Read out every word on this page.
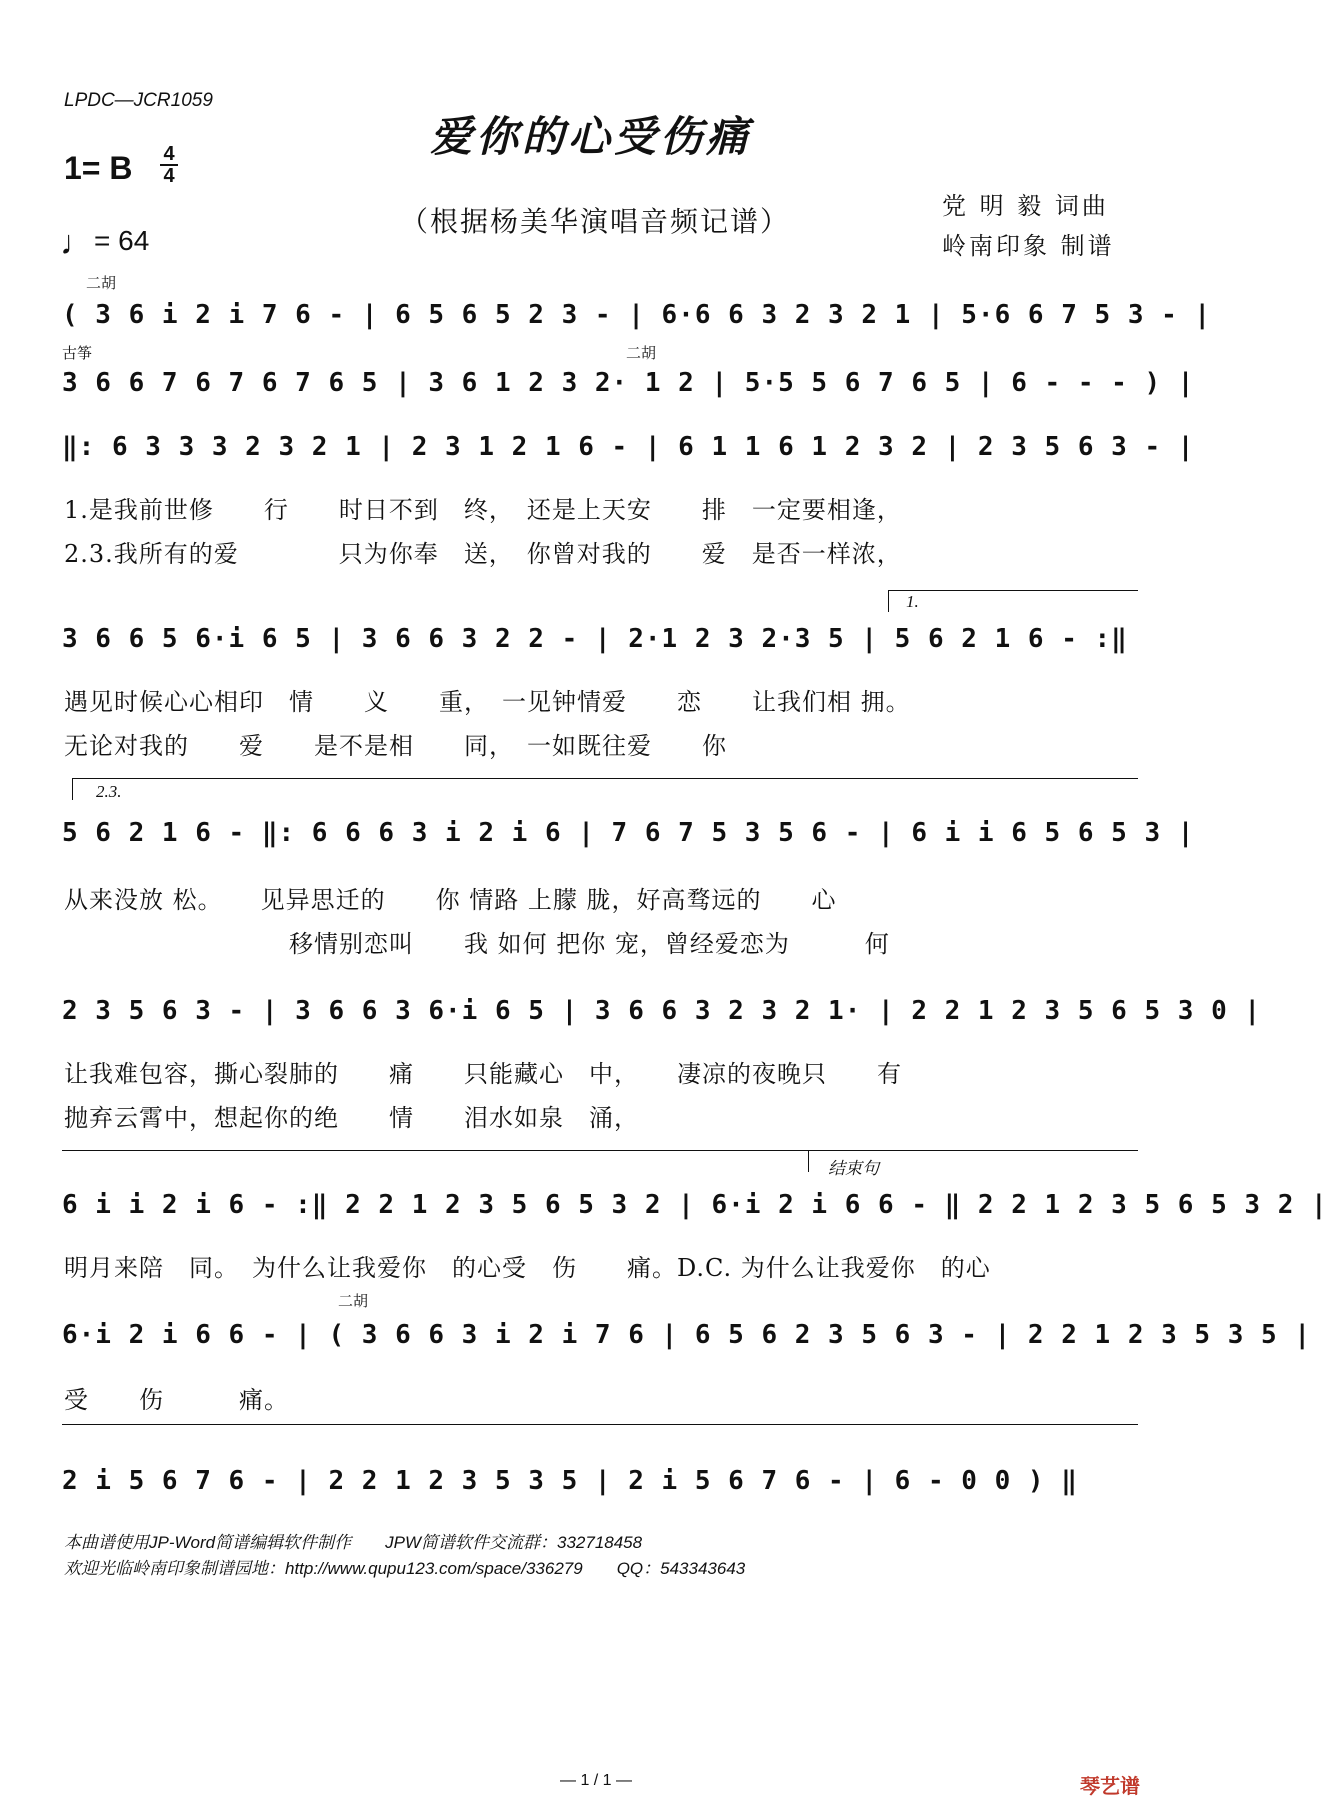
LPDC—JCR1059
爱你的心受伤痛
（根据杨美华演唱音频记谱）	党 明 毅 词曲
岭南印象 制谱
1= B 4
4
♩= 64
二胡
古筝	二胡
二胡
( 3 6 i 2 i 7 6 - | 6 5 6 5 2 3 - | 6·6 6 3 2 3 2 1 | 5·6 6 7 5 3 - |
3 6 6 7 6 7 6 7 6 5 | 3 6 1 2 3 2· 1 2 | 5·5 5 6 7 6 5 | 6 - - - ) |
‖: 6 3 3 3 2 3 2 1 | 2 3 1 2 1 6 - | 6 1 1 6 1 2 3 2 | 2 3 5 6 3 - |
1.是我前世修　　行　　时日不到　终，　还是上天安　　排　一定要相逢，
2.3.我所有的爱　　　　只为你奉　送，　你曾对我的　　爱　是否一样浓，
1.
3 6 6 5 6·i 6 5 | 3 6 6 3 2 2 - | 2·1 2 3 2·3 5 | 5 6 2 1 6 - :‖
遇见时候心心相印　情　　义　　重，　一见钟情爱　　恋　　让我们相 拥。
无论对我的　　爱　　是不是相　　同，　一如既往爱　　你
2.3.
5 6 2 1 6 - ‖: 6 6 6 3 i 2 i 6 | 7 6 7 5 3 5 6 - | 6 i i 6 5 6 5 3 |
从来没放 松。　　见异思迁的　　你 情路 上朦 胧，好高骛远的　　心
　　　　　　　　　移情别恋叫　　我 如何 把你 宠，曾经爱恋为　　　何
2 3 5 6 3 - | 3 6 6 3 6·i 6 5 | 3 6 6 3 2 3 2 1· | 2 2 1 2 3 5 6 5 3 0 |
让我难包容，撕心裂肺的　　痛　　只能藏心　中，　　凄凉的夜晚只　　有
抛弃云霄中，想起你的绝　　情　　泪水如泉　涌，
结束句
6 i i 2 i 6 - :‖ 2 2 1 2 3 5 6 5 3 2 | 6·i 2 i 6 6 - ‖ 2 2 1 2 3 5 6 5 3 2 |
明月来陪　同。　为什么让我爱你　的心受　伤　　痛。D.C. 为什么让我爱你　的心
6·i 2 i 6 6 - | ( 3 6 6 3 i 2 i 7 6 | 6 5 6 2 3 5 6 3 - | 2 2 1 2 3 5 3 5 |
受　　伤　　　痛。
2 i 5 6 7 6 - | 2 2 1 2 3 5 3 5 | 2 i 5 6 7 6 - | 6 - 0 0 ) ‖
本曲谱使用JP-Word简谱编辑软件制作　　JPW简谱软件交流群：332718458
欢迎光临岭南印象制谱园地：http://www.qupu123.com/space/336279　　QQ：543343643
— 1 / 1 —	琴艺谱
